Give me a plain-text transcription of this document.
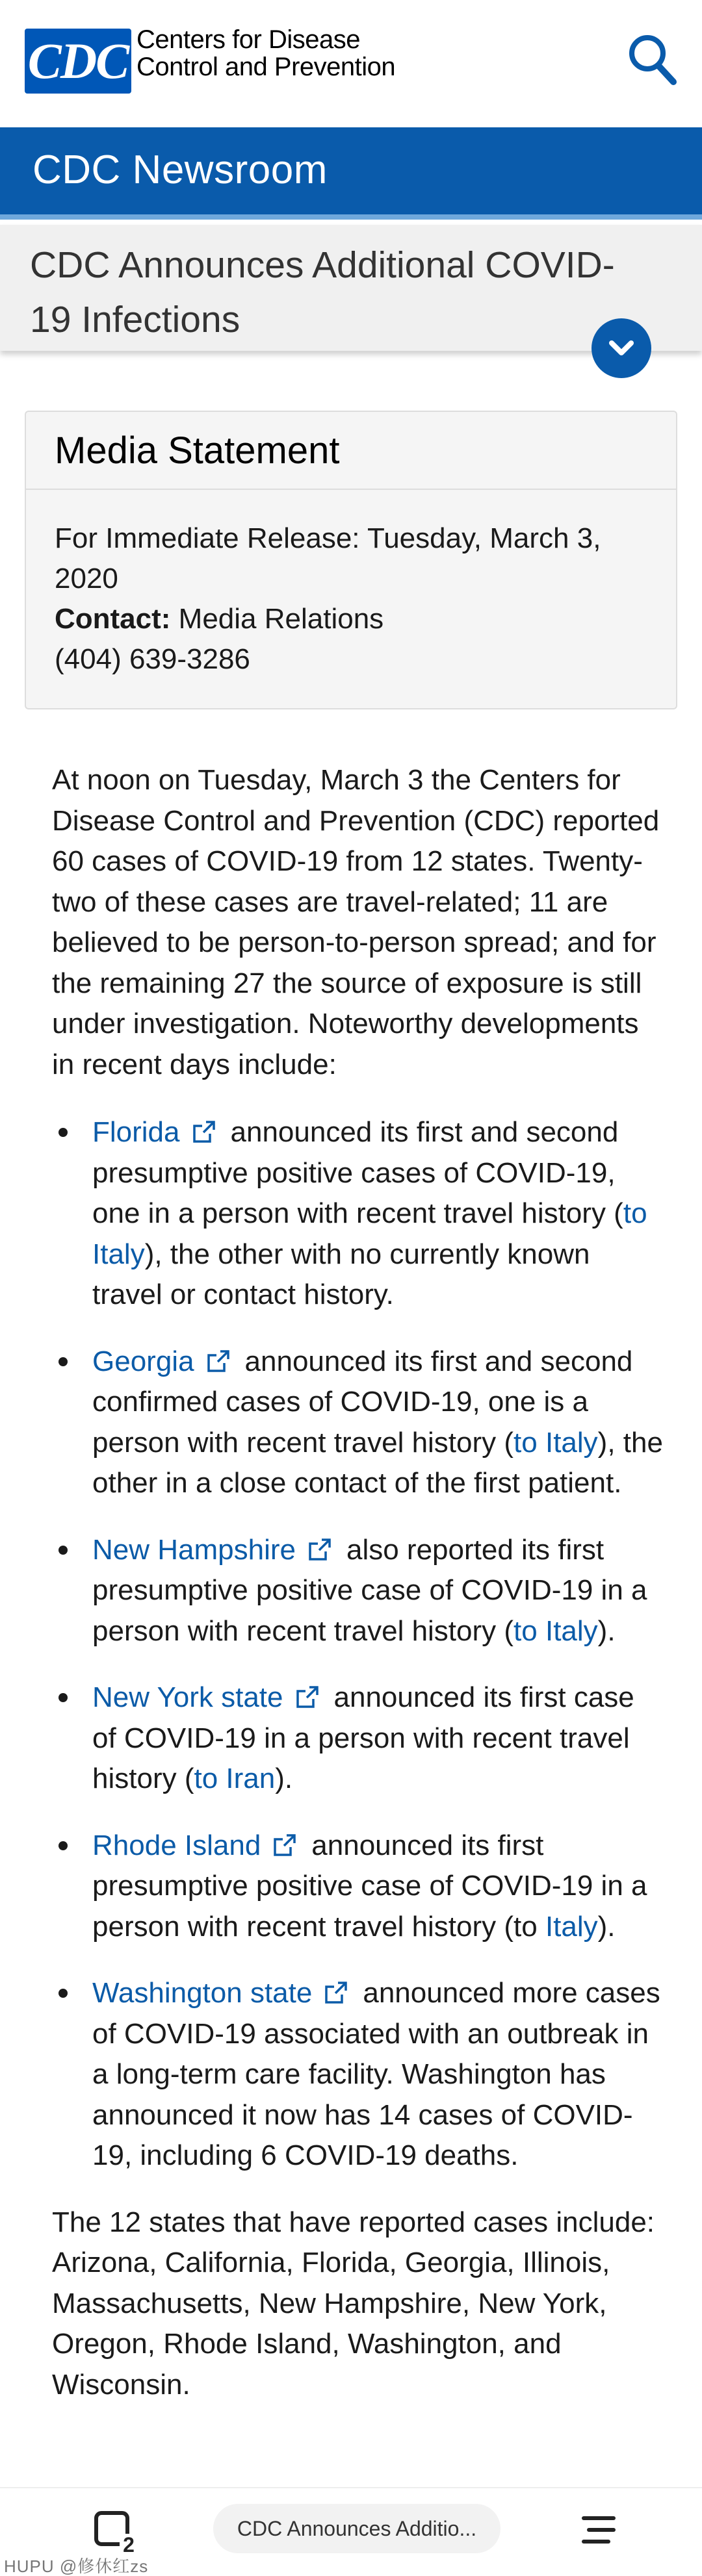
CDC Centers for Disease
Control and Prevention
CDC Newsroom
CDC Announces Additional COVID-19 Infections
Media Statement
For Immediate Release: Tuesday, March 3, 2020
Contact: Media Relations
(404) 639-3286

At noon on Tuesday, March 3 the Centers for Disease Control and Prevention (CDC) reported 60 cases of COVID-19 from 12 states. Twenty-two of these cases are travel-related; 11 are believed to be person-to-person spread; and for the remaining 27 the source of exposure is still under investigation. Noteworthy developments in recent days include:

Florida announced its first and second presumptive positive cases of COVID-19, one in a person with recent travel history (to Italy), the other with no currently known travel or contact history.
Georgia announced its first and second confirmed cases of COVID-19, one is a person with recent travel history (to Italy), the other in a close contact of the first patient.
New Hampshire also reported its first presumptive positive case of COVID-19 in a person with recent travel history (to Italy).
New York state announced its first case of COVID-19 in a person with recent travel history (to Iran).
Rhode Island announced its first presumptive positive case of COVID-19 in a person with recent travel history (to Italy).
Washington state announced more cases of COVID-19 associated with an outbreak in a long-term care facility. Washington has announced it now has 14 cases of COVID-19, including 6 COVID-19 deaths.

The 12 states that have reported cases include: Arizona, California, Florida, Georgia, Illinois, Massachusetts, New Hampshire, New York, Oregon, Rhode Island, Washington, and Wisconsin.

2
CDC Announces Additio...
HUPU @修休红zs
